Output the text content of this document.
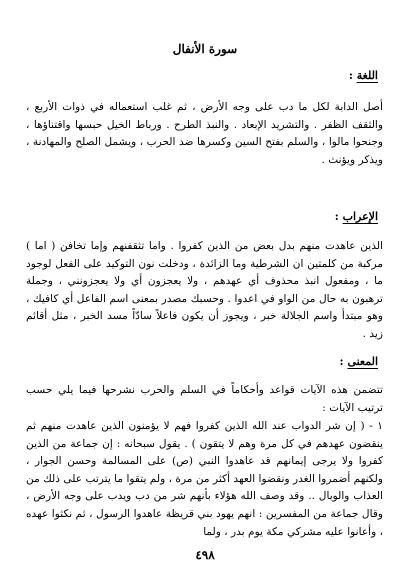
سورة الأنفال
اللغة :

أصل الدابة لكل ما دب على وجه الأرض ، ثم غلب استعماله في ذوات الأربع ، والثقف الظفر . والتشريد الإبعاد . والنبذ الطرح . ورباط الخيل حبسها واقتناؤها ، وجنحوا مالوا ، والسلم بفتح السين وكسرها ضد الحرب ، ويشمل الصلح والمهادنة ، ويذكر ويؤنث .

الإعراب :

الذين عاهدت منهم بدل بعض من الذين كفروا . واما تثقفنهم وإما تخافن ( اما ) مركبة من كلمتين ان الشرطية وما الزائدة ، ودخلت نون التوكيد على الفعل لوجود ما ، ومفعول انبذ محذوف أي عهدهم ، ولا يعجزون أي ولا يعجزونني ، وجملة ترهبون به حال من الواو في اعدوا . وحسبك مصدر بمعنى اسم الفاعل أي كافيك ، وهو مبتدأ واسم الجلالة خبر ، ويجوز أن يكون فاعلاً سادّاً مسد الخبر ، مثل أقائم زيد .

المعنى :

تتضمن هذه الآيات قواعد وأحكاماً في السلم والحرب نشرحها فيما يلي حسب ترتيب الآيات :

١ - ( إن شر الدواب عند الله الذين كفروا فهم لا يؤمنون الذين عاهدت منهم ثم ينقضون عهدهم في كل مرة وهم لا يتقون ) . يقول سبحانه : إن جماعة من الذين كفروا ولا يرجى إيمانهم قد عاهدوا النبي (ص) على المسالمة وحسن الجوار ، ولكنهم أضمروا الغدر ونقضوا العهد أكثر من مرة ، ولم يتقوا ما يترتب على ذلك من العذاب والوبال .. وقد وصف الله هؤلاء بأنهم شر من دب ويدب على وجه الأرض ، وقال جماعة من المفسرين : انهم يهود بني قريظة عاهدوا الرسول ، ثم نكثوا عهده ، وأعانوا عليه مشركي مكة يوم بدر ، ولما

٤٩٨
